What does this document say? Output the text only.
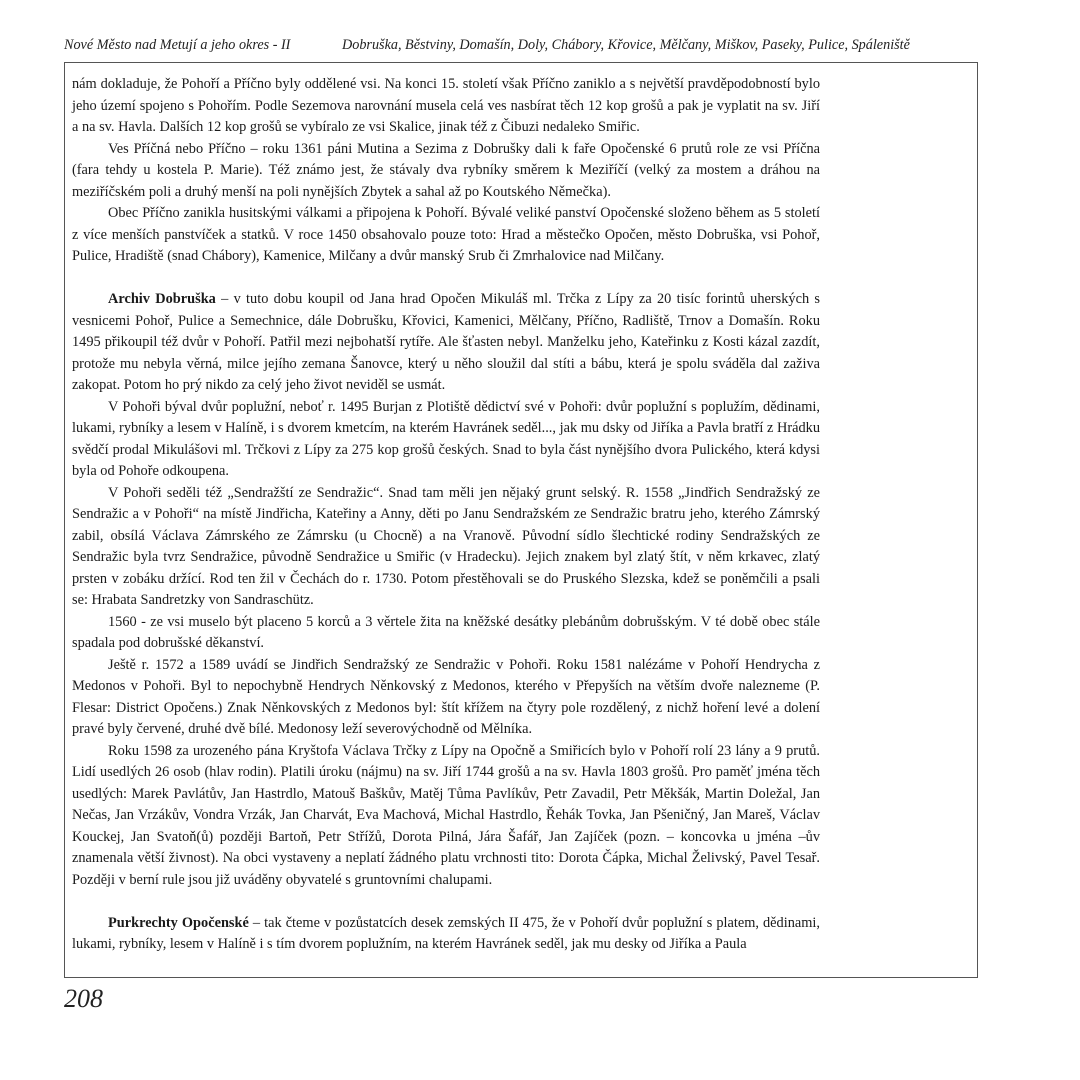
Nové Město nad Metují a jeho okres - II	Dobruška, Běstviny, Domašín, Doly, Chábory, Křovice, Mělčany, Miškov, Paseky, Pulice, Spáleniště

nám dokladuje, že Pohoří a Příčno byly oddělené vsi. Na konci 15. století však Příčno zaniklo a s největší pravděpodobností bylo jeho území spojeno s Pohořím. Podle Sezemova narovnání musela celá ves nasbírat těch 12 kop grošů a pak je vyplatit na sv. Jiří a na sv. Havla. Dalších 12 kop grošů se vybíralo ze vsi Skalice, jinak též z Čibuzi nedaleko Smiřic.

Ves Příčná nebo Příčno – roku 1361 páni Mutina a Sezima z Dobrušky dali k faře Opočenské 6 prutů role ze vsi Příčna (fara tehdy u kostela P. Marie). Též známo jest, že stávaly dva rybníky směrem k Meziříčí (velký za mostem a dráhou na meziříčském poli a druhý menší na poli nynějších Zbytek a sahal až po Koutského Němečka).

Obec Příčno zanikla husitskými válkami a připojena k Pohoří. Bývalé veliké panství Opočenské složeno během as 5 století z více menších panstvíček a statků. V roce 1450 obsahovalo pouze toto: Hrad a městečko Opočen, město Dobruška, vsi Pohoř, Pulice, Hradiště (snad Chábory), Kamenice, Milčany a dvůr manský Srub či Zmrhalovice nad Milčany.

Archiv Dobruška – v tuto dobu koupil od Jana hrad Opočen Mikuláš ml. Trčka z Lípy za 20 tisíc forintů uherských s vesnicemi Pohoř, Pulice a Semechnice, dále Dobrušku, Křovici, Kamenici, Mělčany, Příčno, Radliště, Trnov a Domašín. Roku 1495 přikoupil též dvůr v Pohoří. Patřil mezi nejbohatší rytíře. Ale šťasten nebyl. Manželku jeho, Kateřinku z Kosti kázal zazdít, protože mu nebyla věrná, milce jejího zemana Šanovce, který u něho sloužil dal stíti a bábu, která je spolu sváděla dal zaživa zakopat. Potom ho prý nikdo za celý jeho život neviděl se usmát.

V Pohoři býval dvůr poplužní, neboť r. 1495 Burjan z Plotiště dědictví své v Pohoři: dvůr poplužní s poplužím, dědinami, lukami, rybníky a lesem v Halíně, i s dvorem kmetcím, na kterém Havránek seděl..., jak mu dsky od Jiříka a Pavla bratří z Hrádku svědčí prodal Mikulášovi ml. Trčkovi z Lípy za 275 kop grošů českých. Snad to byla část nynějšího dvora Pulického, která kdysi byla od Pohoře odkoupena.

V Pohoři seděli též „Sendražští ze Sendražic“. Snad tam měli jen nějaký grunt selský. R. 1558 „Jindřich Sendražský ze Sendražic a v Pohoři“ na místě Jindřicha, Kateřiny a Anny, děti po Janu Sendražském ze Sendražic bratru jeho, kterého Zámrský zabil, obsílá Václava Zámrského ze Zámrsku (u Chocně) a na Vranově. Původní sídlo šlechtické rodiny Sendražských ze Sendražic byla tvrz Sendražice, původně Sendražice u Smiřic (v Hradecku). Jejich znakem byl zlatý štít, v něm krkavec, zlatý prsten v zobáku držící. Rod ten žil v Čechách do r. 1730. Potom přestěhovali se do Pruského Slezska, kdež se poněmčili a psali se: Hrabata Sandretzky von Sandraschütz.

1560 - ze vsi muselo být placeno 5 korců a 3 věrtele žita na kněžské desátky plebánům dobrušským. V té době obec stále spadala pod dobrušské děkanství.

Ještě r. 1572 a 1589 uvádí se Jindřich Sendražský ze Sendražic v Pohoři. Roku 1581 nalézáme v Pohoří Hendrycha z Medonos v Pohoři. Byl to nepochybně Hendrych Něnkovský z Medonos, kterého v Přepyších na větším dvoře nalezneme (P. Flesar: District Opočens.) Znak Něnkovských z Medonos byl: štít křížem na čtyry pole rozdělený, z nichž hoření levé a dolení pravé byly červené, druhé dvě bílé. Medonosy leží severovýchodně od Mělníka.

Roku 1598 za urozeného pána Kryštofa Václava Trčky z Lípy na Opočně a Smiřicích bylo v Pohoří rolí 23 lány a 9 prutů. Lidí usedlých 26 osob (hlav rodin). Platili úroku (nájmu) na sv. Jiří 1744 grošů a na sv. Havla 1803 grošů. Pro paměť jména těch usedlých: Marek Pavlátův, Jan Hastrdlo, Matouš Baškův, Matěj Tůma Pavlíkův, Petr Zavadil, Petr Měkšák, Martin Doležal, Jan Nečas, Jan Vrzákův, Vondra Vrzák, Jan Charvát, Eva Machová, Michal Hastrdlo, Řehák Tovka, Jan Pšeničný, Jan Mareš, Václav Kouckej, Jan Svatoň(ů) později Bartoň, Petr Střížů, Dorota Pilná, Jára Šafář, Jan Zajíček (pozn. – koncovka u jména –ův znamenala větší živnost). Na obci vystaveny a neplatí žádného platu vrchnosti tito: Dorota Čápka, Michal Želivský, Pavel Tesař. Později v berní rule jsou již uváděny obyvatelé s gruntovními chalupami.

Purkrechty Opočenské – tak čteme v pozůstatcích desek zemských II 475, že v Pohoří dvůr poplužní s platem, dědinami, lukami, rybníky, lesem v Halíně i s tím dvorem poplužním, na kterém Havránek seděl, jak mu desky od Jiříka a Paula

208
